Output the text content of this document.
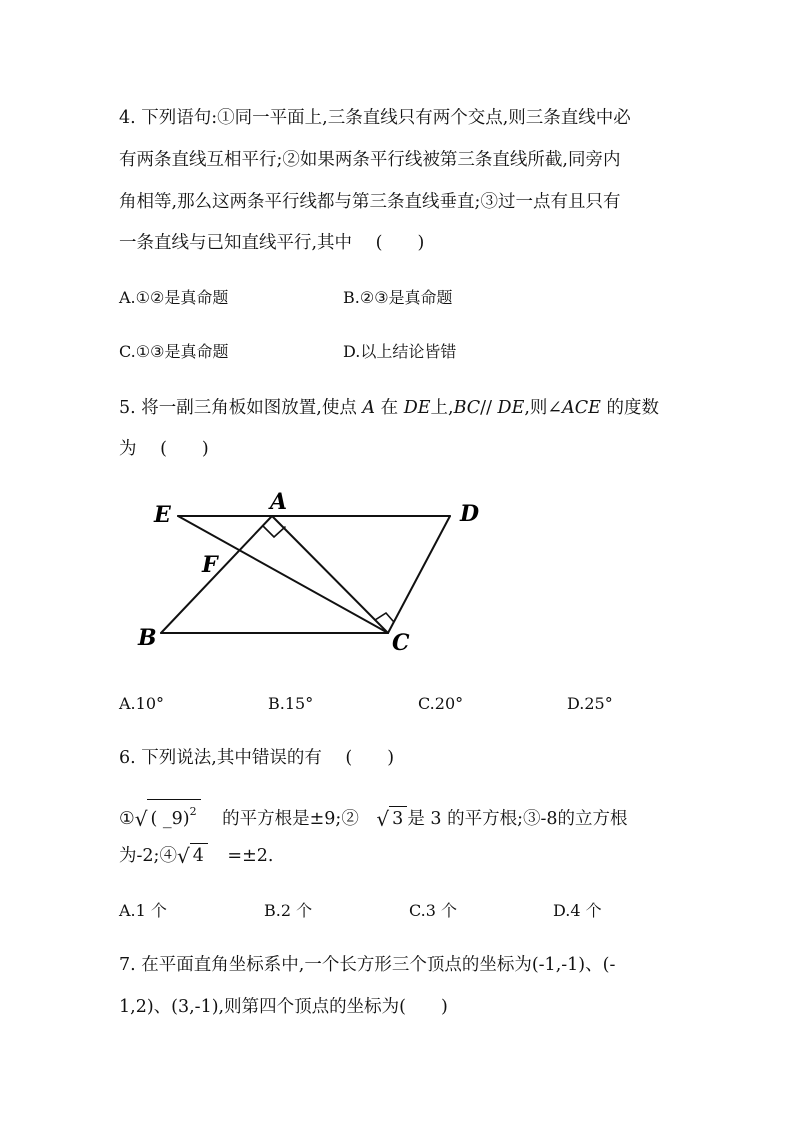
4. 下列语句:①同一平面上,三条直线只有两个交点,则三条直线中必
有两条直线互相平行;②如果两条平行线被第三条直线所截,同旁内
角相等,那么这两条平行线都与第三条直线垂直;③过一点有且只有
一条直线与已知直线平行,其中 (　　)
A.①②是真命题	B.②③是真命题
C.①③是真命题	D.以上结论皆错
5. 将一副三角板如图放置,使点 A 在 DE上,BC// DE,则∠ACE 的度数
为 (　　)
E	A	D
F
B	C
A.10°	B.15°	C.20°	D.25°
6. 下列说法,其中错误的有 (　　)
①√ ( _9)$^2$ 的平方根是±9;② √ 3 是 3 的平方根;③-8的立方根
为-2;④√ 4 =±2.
A.1 个	B.2 个	C.3 个	D.4 个
7. 在平面直角坐标系中,一个长方形三个顶点的坐标为(-1,-1)、(-
1,2)、(3,-1),则第四个顶点的坐标为(　　)
